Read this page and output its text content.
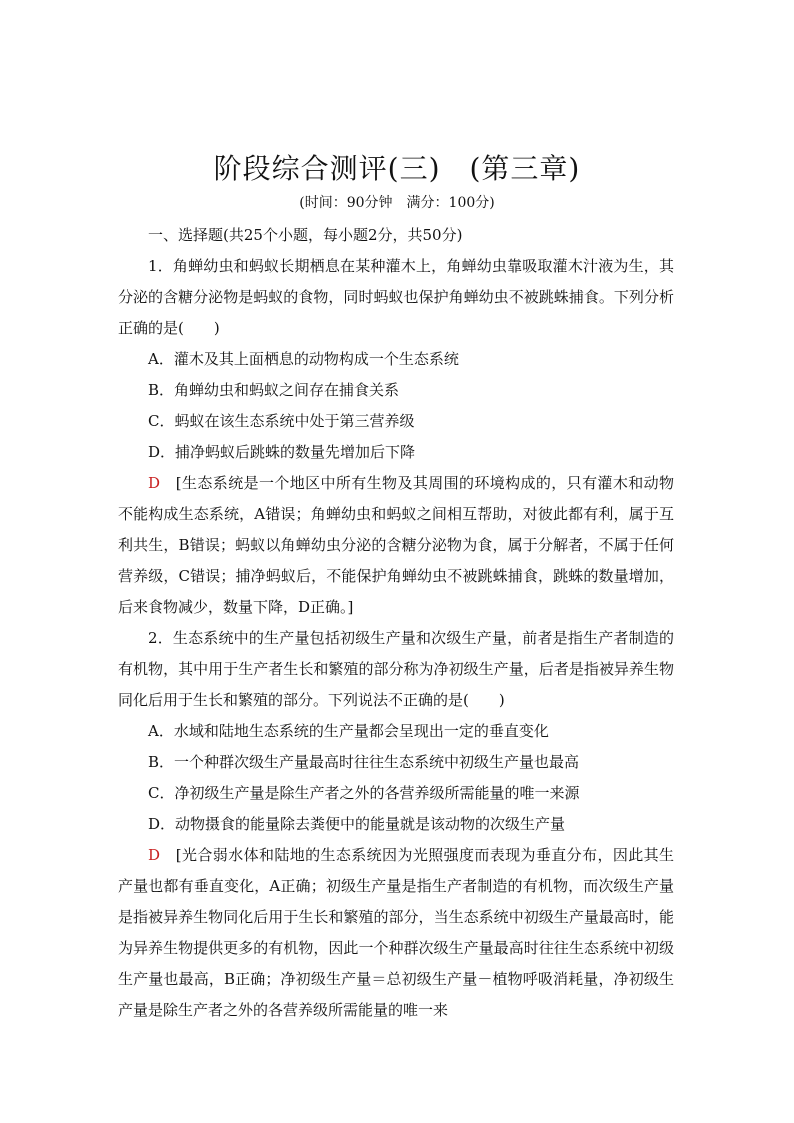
阶段综合测评(三)　(第三章)
(时间：90分钟　满分：100分)

一、选择题(共25个小题，每小题2分，共50分)

1．角蝉幼虫和蚂蚁长期栖息在某种灌木上，角蝉幼虫靠吸取灌木汁液为生，其分泌的含糖分泌物是蚂蚁的食物，同时蚂蚁也保护角蝉幼虫不被跳蛛捕食。下列分析正确的是(　　)

A．灌木及其上面栖息的动物构成一个生态系统

B．角蝉幼虫和蚂蚁之间存在捕食关系

C．蚂蚁在该生态系统中处于第三营养级

D．捕净蚂蚁后跳蛛的数量先增加后下降

D　[生态系统是一个地区中所有生物及其周围的环境构成的，只有灌木和动物不能构成生态系统，A错误；角蝉幼虫和蚂蚁之间相互帮助，对彼此都有利，属于互利共生，B错误；蚂蚁以角蝉幼虫分泌的含糖分泌物为食，属于分解者，不属于任何营养级，C错误；捕净蚂蚁后，不能保护角蝉幼虫不被跳蛛捕食，跳蛛的数量增加，后来食物减少，数量下降，D正确。]

2．生态系统中的生产量包括初级生产量和次级生产量，前者是指生产者制造的有机物，其中用于生产者生长和繁殖的部分称为净初级生产量，后者是指被异养生物同化后用于生长和繁殖的部分。下列说法不正确的是(　　)

A．水域和陆地生态系统的生产量都会呈现出一定的垂直变化

B．一个种群次级生产量最高时往往生态系统中初级生产量也最高

C．净初级生产量是除生产者之外的各营养级所需能量的唯一来源

D．动物摄食的能量除去粪便中的能量就是该动物的次级生产量

D　[光合弱水体和陆地的生态系统因为光照强度而表现为垂直分布，因此其生产量也都有垂直变化，A正确；初级生产量是指生产者制造的有机物，而次级生产量是指被异养生物同化后用于生长和繁殖的部分，当生态系统中初级生产量最高时，能为异养生物提供更多的有机物，因此一个种群次级生产量最高时往往生态系统中初级生产量也最高，B正确；净初级生产量＝总初级生产量－植物呼吸消耗量，净初级生产量是除生产者之外的各营养级所需能量的唯一来
